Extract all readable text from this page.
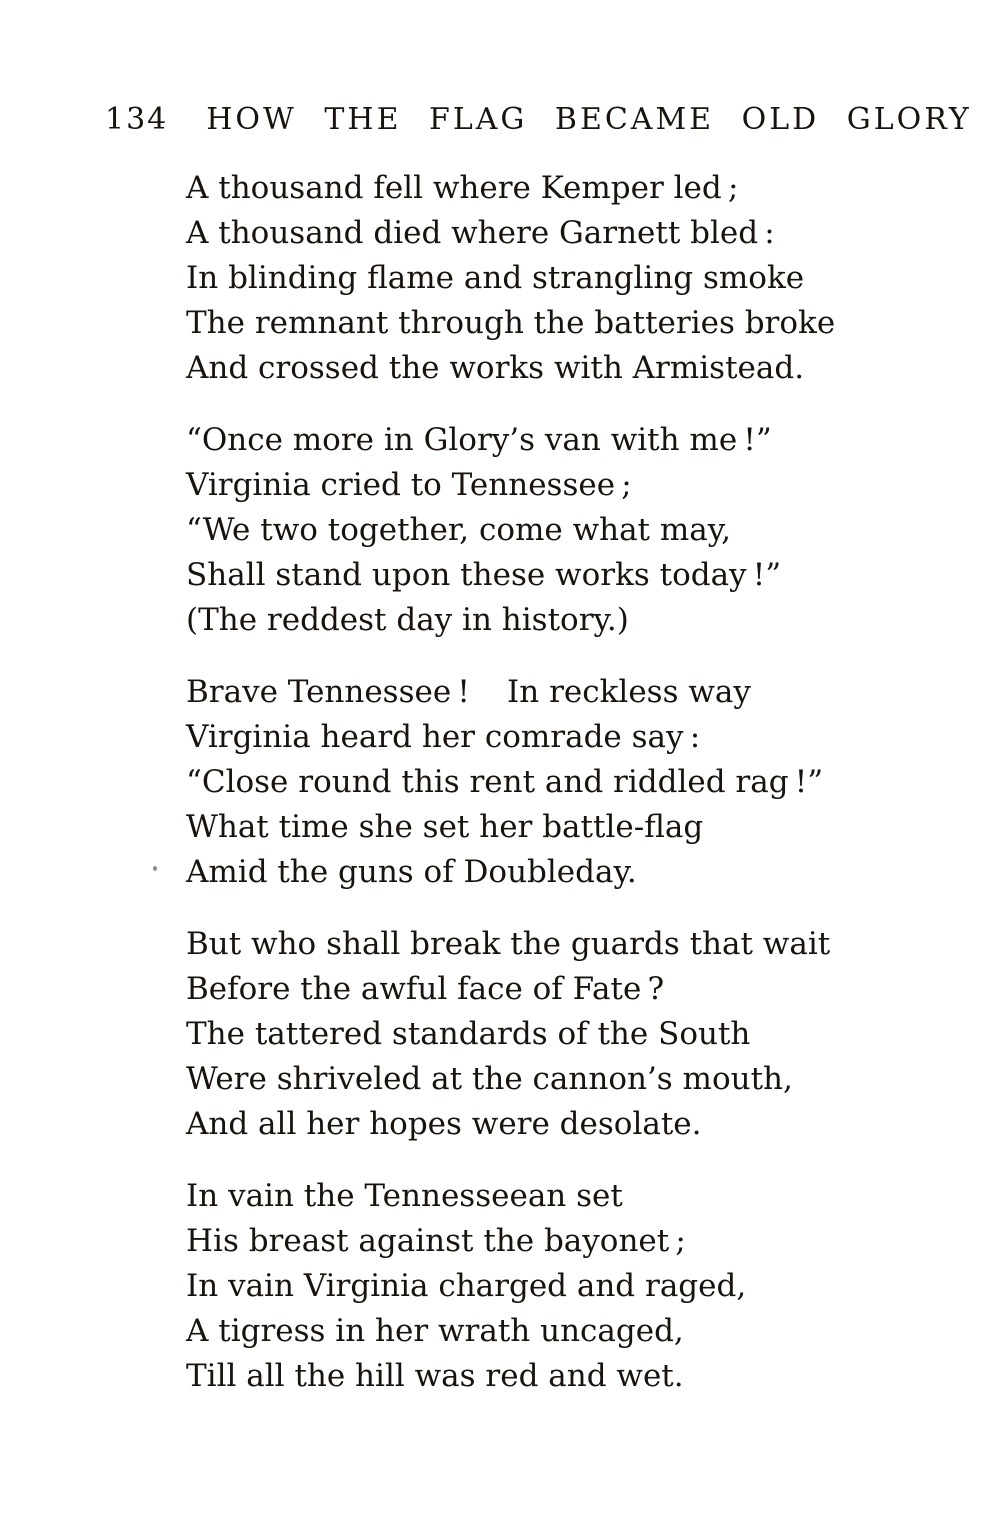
134 HOW THE FLAG BECAME OLD GLORY
A thousand fell where Kemper led ;
A thousand died where Garnett bled :
In blinding flame and strangling smoke
The remnant through the batteries broke
And crossed the works with Armistead.
“Once more in Glory’s van with me !”
Virginia cried to Tennessee ;
“We two together, come what may,
Shall stand upon these works today !”
(The reddest day in history.)
Brave Tennessee !  In reckless way
Virginia heard her comrade say :
“Close round this rent and riddled rag !”
What time she set her battle-flag
Amid the guns of Doubleday.
But who shall break the guards that wait
Before the awful face of Fate ?
The tattered standards of the South
Were shriveled at the cannon’s mouth,
And all her hopes were desolate.
In vain the Tennesseean set
His breast against the bayonet ;
In vain Virginia charged and raged,
A tigress in her wrath uncaged,
Till all the hill was red and wet.
